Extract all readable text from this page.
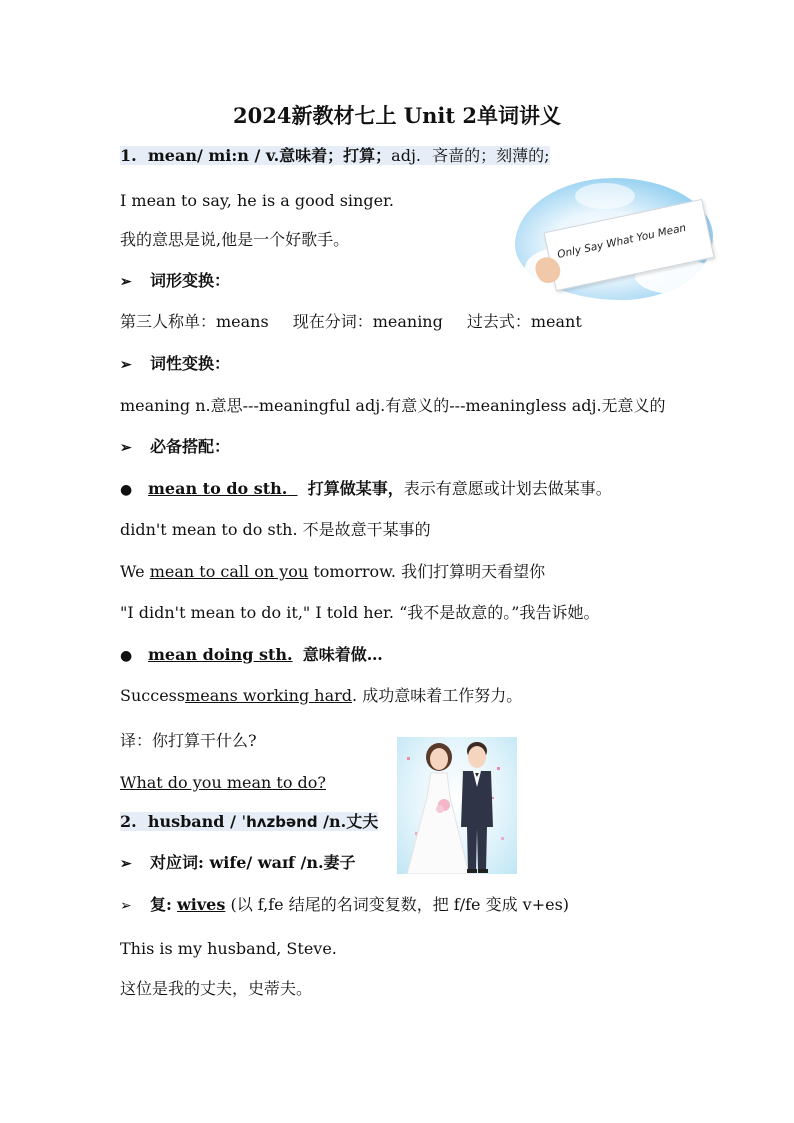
2024新教材七上 Unit 2单词讲义
1. mean/ mi:n / v.意味着；打算；adj. 吝啬的；刻薄的;
I mean to say, he is a good singer.
我的意思是说,他是一个好歌手。
➢ 词形变换：
第三人称单：means 现在分词：meaning 过去式：meant
➢ 词性变换：
meaning n.意思---meaningful adj.有意义的---meaningless adj.无意义的
➢ 必备搭配：
● mean to do sth. 打算做某事，表示有意愿或计划去做某事。
didn't mean to do sth. 不是故意干某事的
We mean to call on you tomorrow. 我们打算明天看望你
"I didn't mean to do it," I told her. “我不是故意的。”我告诉她。
● mean doing sth. 意味着做…
Successmeans working hard. 成功意味着工作努力。
译：你打算干什么?
What do you mean to do?
2. husband / ˈhʌzbənd /n.丈夫
➢ 对应词: wife/ waɪf /n.妻子
➢ 复: wives (以 f,fe 结尾的名词变复数，把 f/fe 变成 v+es)
This is my husband, Steve.
这位是我的丈夫，史蒂夫。
Only Say What You Mean
